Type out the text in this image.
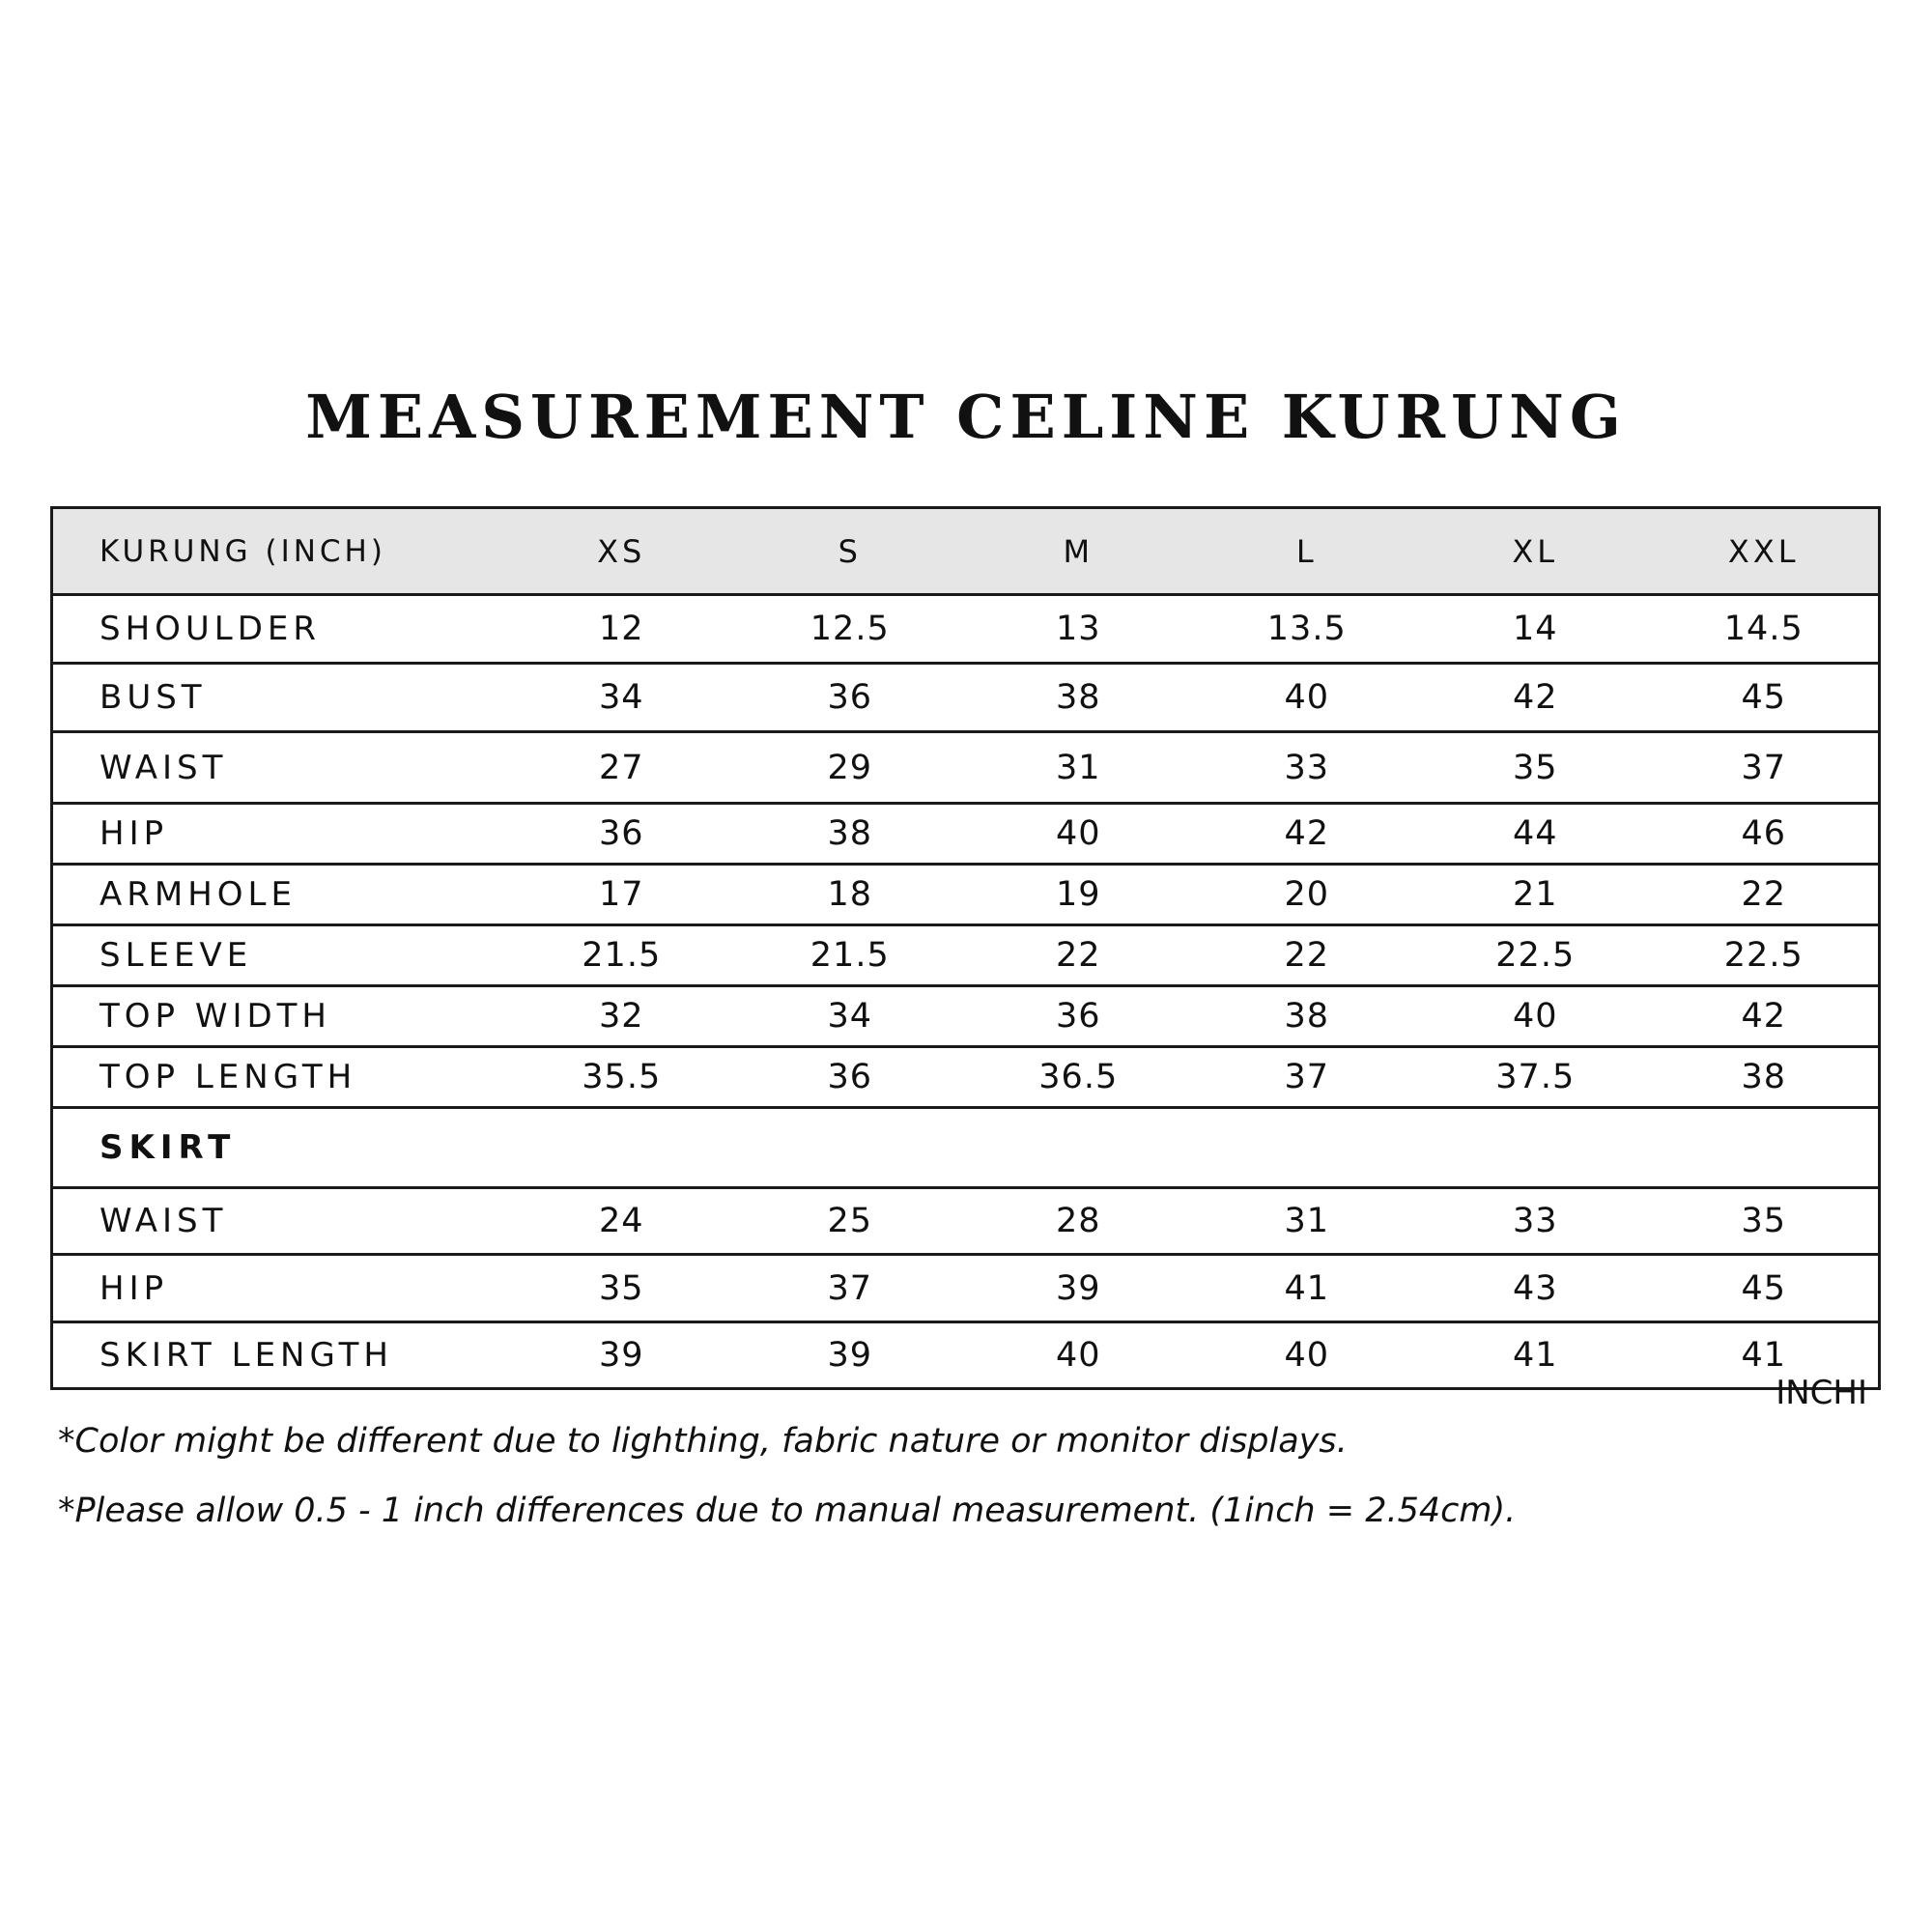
MEASUREMENT CELINE KURUNG
KURUNG (INCH)	XS	S	M	L	XL	XXL
SHOULDER	12	12.5	13	13.5	14	14.5
BUST	34	36	38	40	42	45
WAIST	27	29	31	33	35	37
HIP	36	38	40	42	44	46
ARMHOLE	17	18	19	20	21	22
SLEEVE	21.5	21.5	22	22	22.5	22.5
TOP WIDTH	32	34	36	38	40	42
TOP LENGTH	35.5	36	36.5	37	37.5	38
SKIRT						
WAIST	24	25	28	31	33	35
HIP	35	37	39	41	43	45
SKIRT LENGTH	39	39	40	40	41	41
INCHI
*Color might be different due to lighthing, fabric nature or monitor displays.
*Please allow 0.5 - 1 inch differences due to manual measurement. (1inch = 2.54cm).
